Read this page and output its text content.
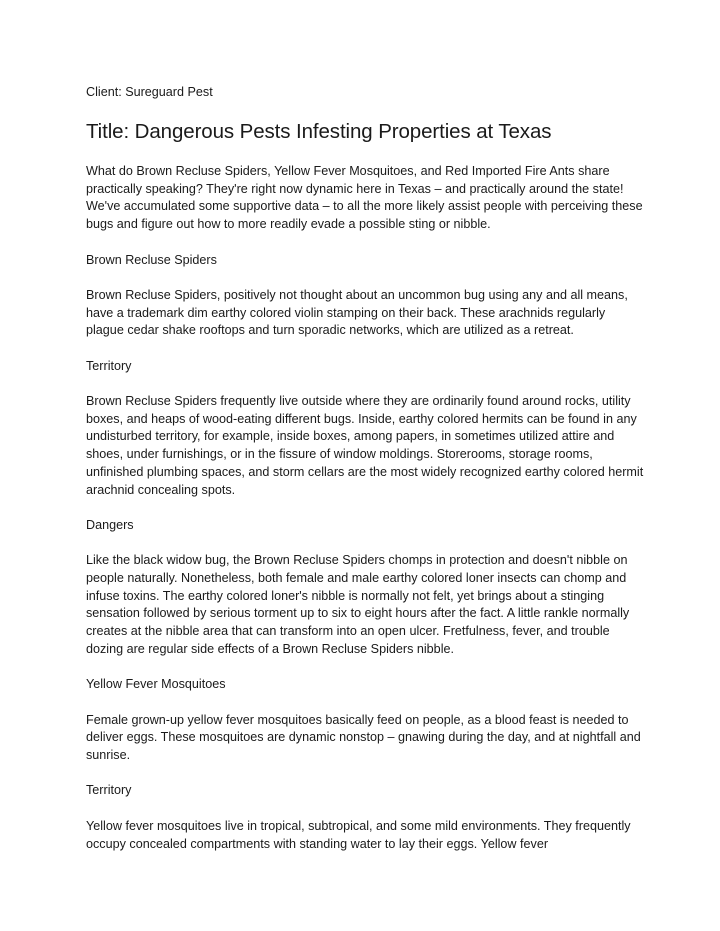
Client: Sureguard Pest

Title: Dangerous Pests Infesting Properties at Texas

What do Brown Recluse Spiders, Yellow Fever Mosquitoes, and Red Imported Fire Ants share practically speaking? They're right now dynamic here in Texas – and practically around the state! We've accumulated some supportive data – to all the more likely assist people with perceiving these bugs and figure out how to more readily evade a possible sting or nibble.

Brown Recluse Spiders

Brown Recluse Spiders, positively not thought about an uncommon bug using any and all means, have a trademark dim earthy colored violin stamping on their back. These arachnids regularly plague cedar shake rooftops and turn sporadic networks, which are utilized as a retreat.

Territory

Brown Recluse Spiders frequently live outside where they are ordinarily found around rocks, utility boxes, and heaps of wood-eating different bugs. Inside, earthy colored hermits can be found in any undisturbed territory, for example, inside boxes, among papers, in sometimes utilized attire and shoes, under furnishings, or in the fissure of window moldings. Storerooms, storage rooms, unfinished plumbing spaces, and storm cellars are the most widely recognized earthy colored hermit arachnid concealing spots.

Dangers

Like the black widow bug, the Brown Recluse Spiders chomps in protection and doesn't nibble on people naturally. Nonetheless, both female and male earthy colored loner insects can chomp and infuse toxins. The earthy colored loner's nibble is normally not felt, yet brings about a stinging sensation followed by serious torment up to six to eight hours after the fact. A little rankle normally creates at the nibble area that can transform into an open ulcer. Fretfulness, fever, and trouble dozing are regular side effects of a Brown Recluse Spiders nibble.

Yellow Fever Mosquitoes

Female grown-up yellow fever mosquitoes basically feed on people, as a blood feast is needed to deliver eggs. These mosquitoes are dynamic nonstop – gnawing during the day, and at nightfall and sunrise.

Territory

Yellow fever mosquitoes live in tropical, subtropical, and some mild environments. They frequently occupy concealed compartments with standing water to lay their eggs. Yellow fever
